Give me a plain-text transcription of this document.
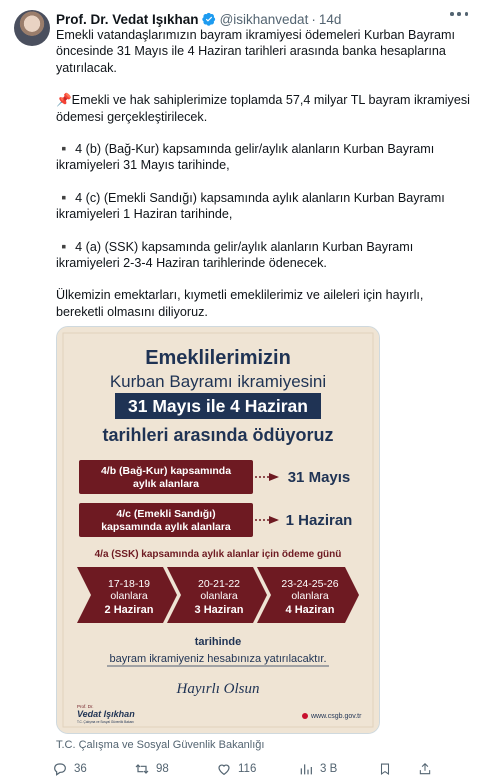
Prof. Dr. Vedat Işıkhan @isikhanvedat · 14d

Emekli vatandaşlarımızın bayram ikramiyesi ödemeleri Kurban Bayramı öncesinde 31 Mayıs ile 4 Haziran tarihleri arasında banka hesaplarına yatırılacak.

📌Emekli ve hak sahiplerimize toplamda 57,4 milyar TL bayram ikramiyesi ödemesi gerçekleştirilecek.

▪️ 4 (b) (Bağ-Kur) kapsamında gelir/aylık alanların Kurban Bayramı ikramiyeleri 31 Mayıs tarihinde,

▪️ 4 (c) (Emekli Sandığı) kapsamında aylık alanların Kurban Bayramı ikramiyeleri 1 Haziran tarihinde,

▪️ 4 (a) (SSK) kapsamında gelir/aylık alanların Kurban Bayramı ikramiyeleri 2-3-4 Haziran tarihlerinde ödenecek.

Ülkemizin emektarları, kıymetli emeklilerimiz ve aileleri için hayırlı, bereketli olmasını diliyoruz.

Emeklilerimizin
Kurban Bayramı ikramiyesini
31 Mayıs ile 4 Haziran
tarihleri arasında ödüyoruz
4/b (Bağ-Kur) kapsamında
aylık alanlara	31 Mayıs
4/c (Emekli Sandığı)
kapsamında aylık alanlara	1 Haziran
4/a (SSK) kapsamında aylık alanlar için ödeme günü
17-18-19
olanlara
2 Haziran
20-21-22
olanlara
3 Haziran
23-24-25-26
olanlara
4 Haziran
tarihinde
bayram ikramiyeniz hesabınıza yatırılacaktır.
Hayırlı Olsun
Prof. Dr.
Vedat Işıkhan
T.C. Çalışma ve Sosyal Güvenlik Bakanı
www.csgb.gov.tr
T.C. Çalışma ve Sosyal Güvenlik Bakanlığı
36	98	116	3 B
